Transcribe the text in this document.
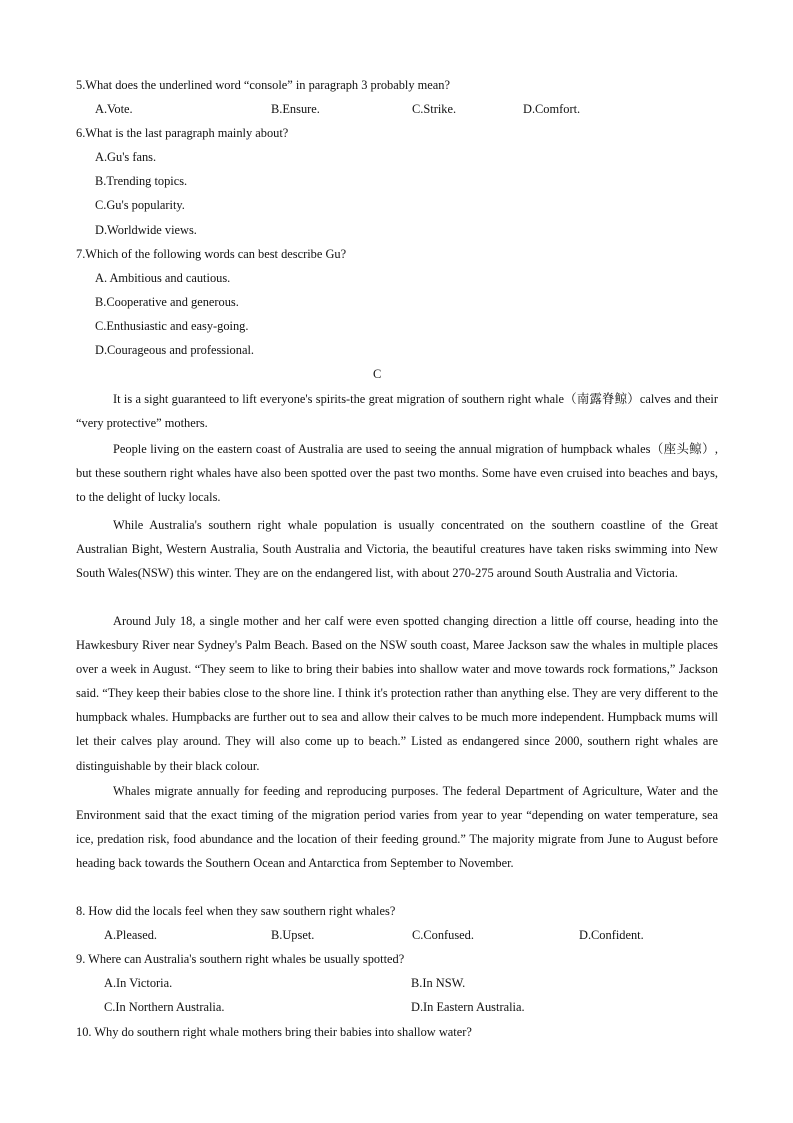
5.What does the underlined word “console” in paragraph 3 probably mean?
A.Vote.	B.Ensure.	C.Strike.	D.Comfort.
6.What is the last paragraph mainly about?
A.Gu's fans.
B.Trending topics.
C.Gu's popularity.
D.Worldwide views.
7.Which of the following words can best describe Gu?
A. Ambitious and cautious.
B.Cooperative and generous.
C.Enthusiastic and easy-going.
D.Courageous and professional.
C

It is a sight guaranteed to lift everyone's spirits-the great migration of southern right whale（南露脊鲸）calves and their “very protective” mothers.

People living on the eastern coast of Australia are used to seeing the annual migration of humpback whales（座头鲸）, but these southern right whales have also been spotted over the past two months. Some have even cruised into beaches and bays, to the delight of lucky locals.

While Australia's southern right whale population is usually concentrated on the southern coastline of the Great Australian Bight, Western Australia, South Australia and Victoria, the beautiful creatures have taken risks swimming into New South Wales(NSW) this winter. They are on the endangered list, with about 270-275 around South Australia and Victoria.

Around July 18, a single mother and her calf were even spotted changing direction a little off course, heading into the Hawkesbury River near Sydney's Palm Beach. Based on the NSW south coast, Maree Jackson saw the whales in multiple places over a week in August. “They seem to like to bring their babies into shallow water and move towards rock formations,” Jackson said. “They keep their babies close to the shore line. I think it's protection rather than anything else. They are very different to the humpback whales. Humpbacks are further out to sea and allow their calves to be much more independent. Humpback mums will let their calves play around. They will also come up to beach.” Listed as endangered since 2000, southern right whales are distinguishable by their black colour.

Whales migrate annually for feeding and reproducing purposes. The federal Department of Agriculture, Water and the Environment said that the exact timing of the migration period varies from year to year “depending on water temperature, sea ice, predation risk, food abundance and the location of their feeding ground.” The majority migrate from June to August before heading back towards the Southern Ocean and Antarctica from September to November.

8. How did the locals feel when they saw southern right whales?
A.Pleased.	B.Upset.	C.Confused.	D.Confident.
9. Where can Australia's southern right whales be usually spotted?
A.In Victoria.	B.In NSW.
C.In Northern Australia.	D.In Eastern Australia.
10. Why do southern right whale mothers bring their babies into shallow water?
